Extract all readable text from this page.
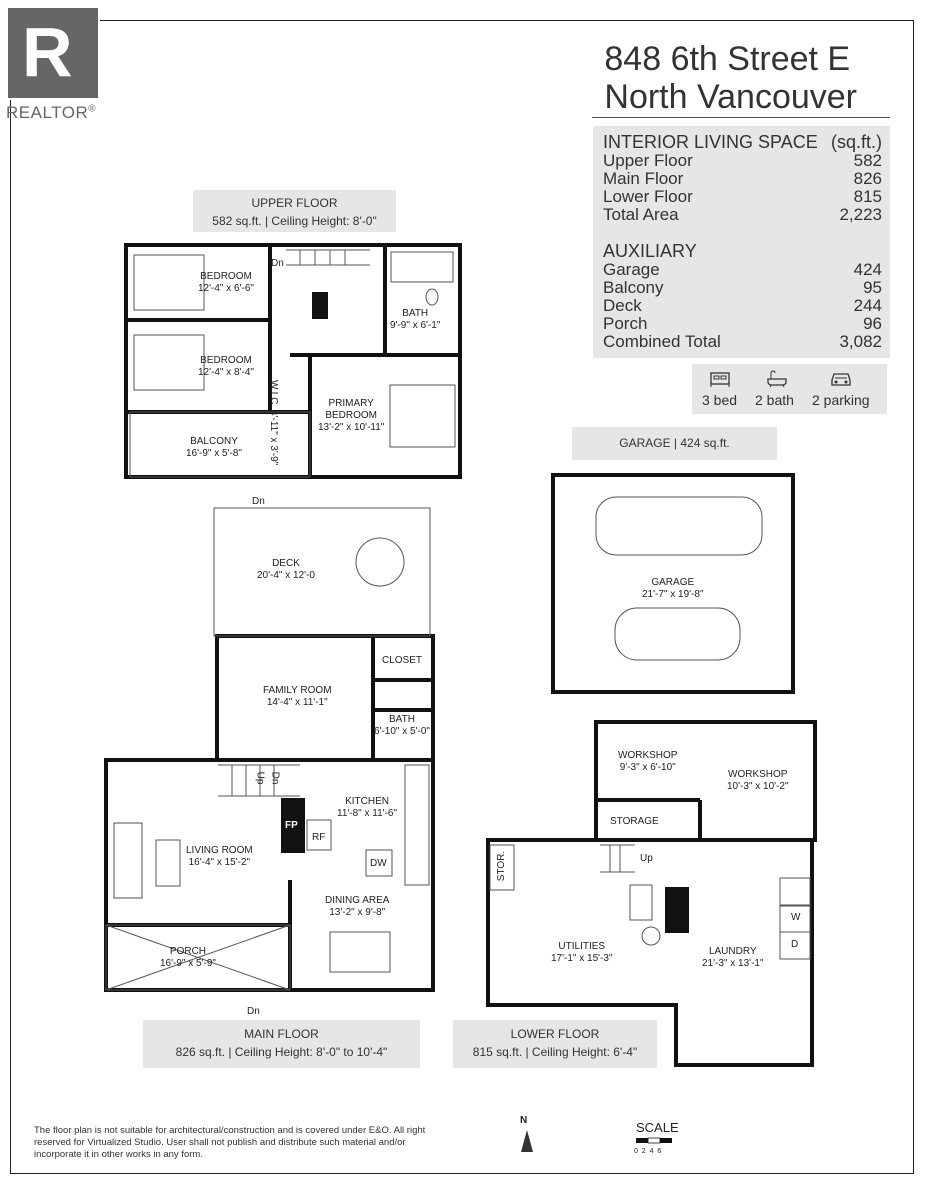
R
REALTOR®
848 6th Street E
North Vancouver
INTERIOR LIVING SPACE (sq.ft.)
Upper Floor	582
Main Floor	826
Lower Floor	815
Total Area	2,223
AUXILIARY
Garage	424
Balcony	95
Deck	244
Porch	96
Combined Total	3,082
3 bed 2 bath 2 parking
UPPER FLOOR
582 sq.ft. | Ceiling Height: 8'-0"
GARAGE | 424 sq.ft.
MAIN FLOOR
826 sq.ft. | Ceiling Height: 8'-0" to 10'-4"
LOWER FLOOR
815 sq.ft. | Ceiling Height: 6'-4"
BEDROOM
12'-4" x 6'-6"
BEDROOM
12'-4" x 8'-4"
BATH
9'-9" x 6'-1"
PRIMARY
BEDROOM
13'-2" x 10'-11"
BALCONY
16'-9" x 5'-8"
Dn
W.I.C. 4'-11" x 3'-9"
GARAGE
21'-7" x 19'-8"
Dn
DECK
20'-4" x 12'-0
CLOSET
FAMILY ROOM
14'-4" x 11'-1"
BATH
6'-10" x 5'-0"
KITCHEN
11'-8" x 11'-6"
LIVING ROOM
16'-4" x 15'-2"
DINING AREA
13'-2" x 9'-8"
PORCH
16'-9" x 5'-9"
Dn
FP
RF
DW
Up Dn
WORKSHOP
9'-3" x 6'-10"
WORKSHOP
10'-3" x 10'-2"
STORAGE
STOR.	Up
UTILITIES
17'-1" x 15'-3"
LAUNDRY
21'-3" x 13'-1"
W
D
The floor plan is not suitable for architectural/construction and is covered under E&O. All right reserved for Virtualized Studio. User shall not publish and distribute such material and/or incorporate it in other works in any form.
N	SCALE
0  2  4  6
